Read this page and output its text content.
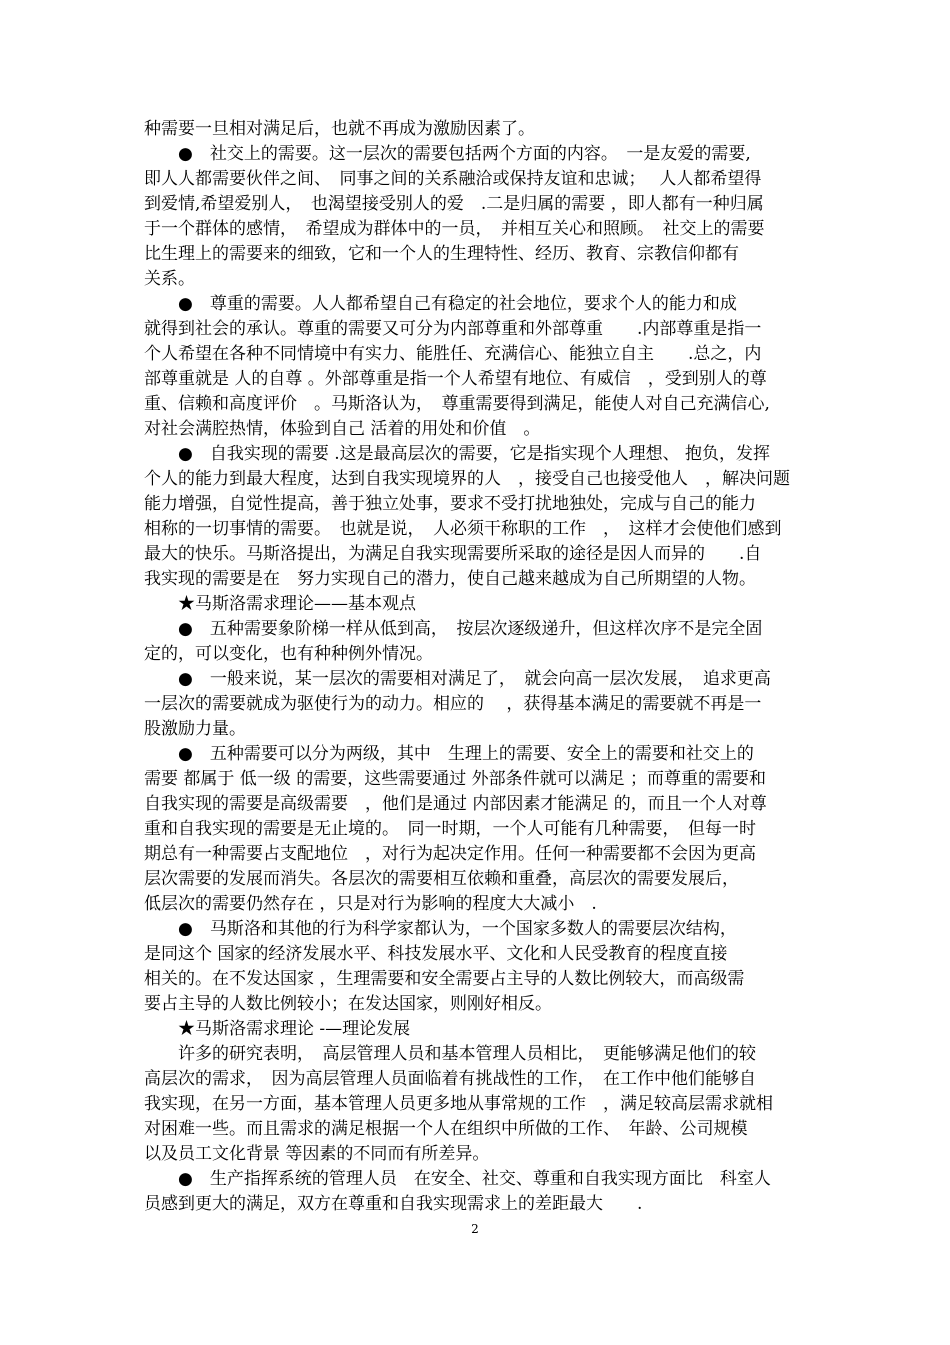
种需要一旦相对满足后，也就不再成为激励因素了。
　　●　社交上的需要。这一层次的需要包括两个方面的内容。　一是友爱的需要,
即人人都需要伙伴之间、　同事之间的关系融洽或保持友谊和忠诚；　 人人都希望得
到爱情,希望爱别人，　也渴望接受别人的爱　.二是归属的需要 ，即人都有一种归属
于一个群体的感情，　希望成为群体中的一员，　并相互关心和照顾。　社交上的需要
比生理上的需要来的细致，它和一个人的生理特性、经历、教育、宗教信仰都有
关系。
　　●　尊重的需要。人人都希望自己有稳定的社会地位，要求个人的能力和成
就得到社会的承认。尊重的需要又可分为内部尊重和外部尊重　　.内部尊重是指一
个人希望在各种不同情境中有实力、能胜任、充满信心、能独立自主　　.总之，内
部尊重就是 人的自尊 。外部尊重是指一个人希望有地位、有威信　，受到别人的尊
重、信赖和高度评价　。马斯洛认为，　尊重需要得到满足，能使人对自己充满信心,
对社会满腔热情，体验到自己 活着的用处和价值　。
　　●　自我实现的需要 .这是最高层次的需要，它是指实现个人理想、 抱负，发挥
个人的能力到最大程度，达到自我实现境界的人　，接受自己也接受他人　，解决问题
能力增强，自觉性提高，善于独立处事，要求不受打扰地独处，完成与自己的能力
相称的一切事情的需要。　也就是说，　人必须干称职的工作　，　这样才会使他们感到
最大的快乐。马斯洛提出，为满足自我实现需要所采取的途径是因人而异的　　.自
我实现的需要是在　努力实现自己的潜力，使自己越来越成为自己所期望的人物。
　　★马斯洛需求理论——基本观点
　　●　五种需要象阶梯一样从低到高，　按层次逐级递升，但这样次序不是完全固
定的，可以变化，也有种种例外情况。
　　●　一般来说，某一层次的需要相对满足了，　就会向高一层次发展，　追求更高
一层次的需要就成为驱使行为的动力。相应的　 ，获得基本满足的需要就不再是一
股激励力量。
　　●　五种需要可以分为两级，其中　生理上的需要、安全上的需要和社交上的
需要 都属于 低一级 的需要，这些需要通过 外部条件就可以满足 ；而尊重的需要和
自我实现的需要是高级需要　，他们是通过 内部因素才能满足 的，而且一个人对尊
重和自我实现的需要是无止境的。　同一时期，一个人可能有几种需要，　但每一时
期总有一种需要占支配地位　，对行为起决定作用。任何一种需要都不会因为更高
层次需要的发展而消失。各层次的需要相互依赖和重叠，高层次的需要发展后，
低层次的需要仍然存在 ，只是对行为影响的程度大大减小　.
　　●　马斯洛和其他的行为科学家都认为，一个国家多数人的需要层次结构，
是同这个 国家的经济发展水平、科技发展水平、文化和人民受教育的程度直接
相关的。在不发达国家 ，生理需要和安全需要占主导的人数比例较大，而高级需
要占主导的人数比例较小；在发达国家，则刚好相反。
　　★马斯洛需求理论 -—理论发展
　　许多的研究表明，　高层管理人员和基本管理人员相比，　更能够满足他们的较
高层次的需求，　因为高层管理人员面临着有挑战性的工作，　在工作中他们能够自
我实现，在另一方面，基本管理人员更多地从事常规的工作　，满足较高层需求就相
对困难一些。而且需求的满足根据一个人在组织中所做的工作、　年龄、公司规模
以及员工文化背景 等因素的不同而有所差异。
　　●　生产指挥系统的管理人员　在安全、社交、尊重和自我实现方面比　科室人
员感到更大的满足，双方在尊重和自我实现需求上的差距最大　　.
2
